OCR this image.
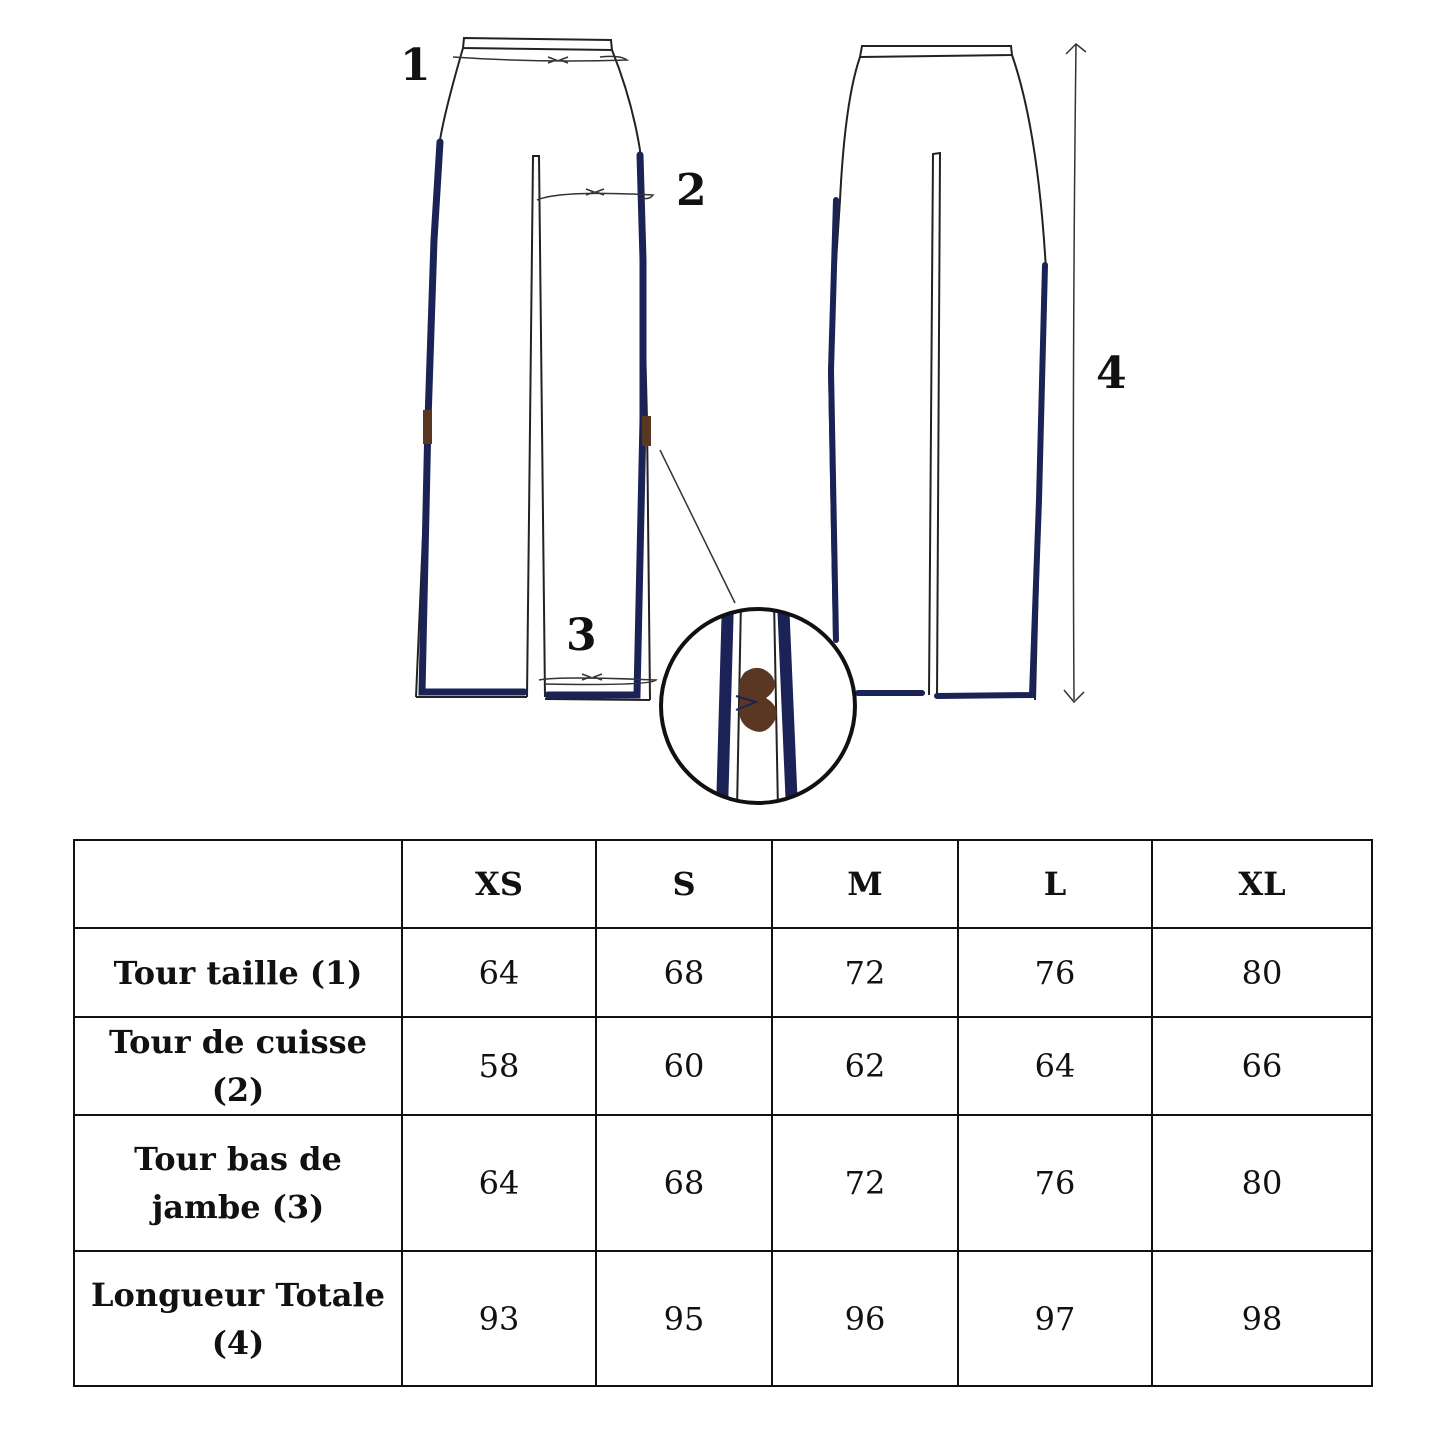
1
2
3
4
	XS	S	M	L	XL
Tour taille (1)	64	68	72	76	80
Tour de cuisse (2)	58	60	62	64	66
Tour bas de jambe (3)	64	68	72	76	80
Longueur Totale (4)	93	95	96	97	98
